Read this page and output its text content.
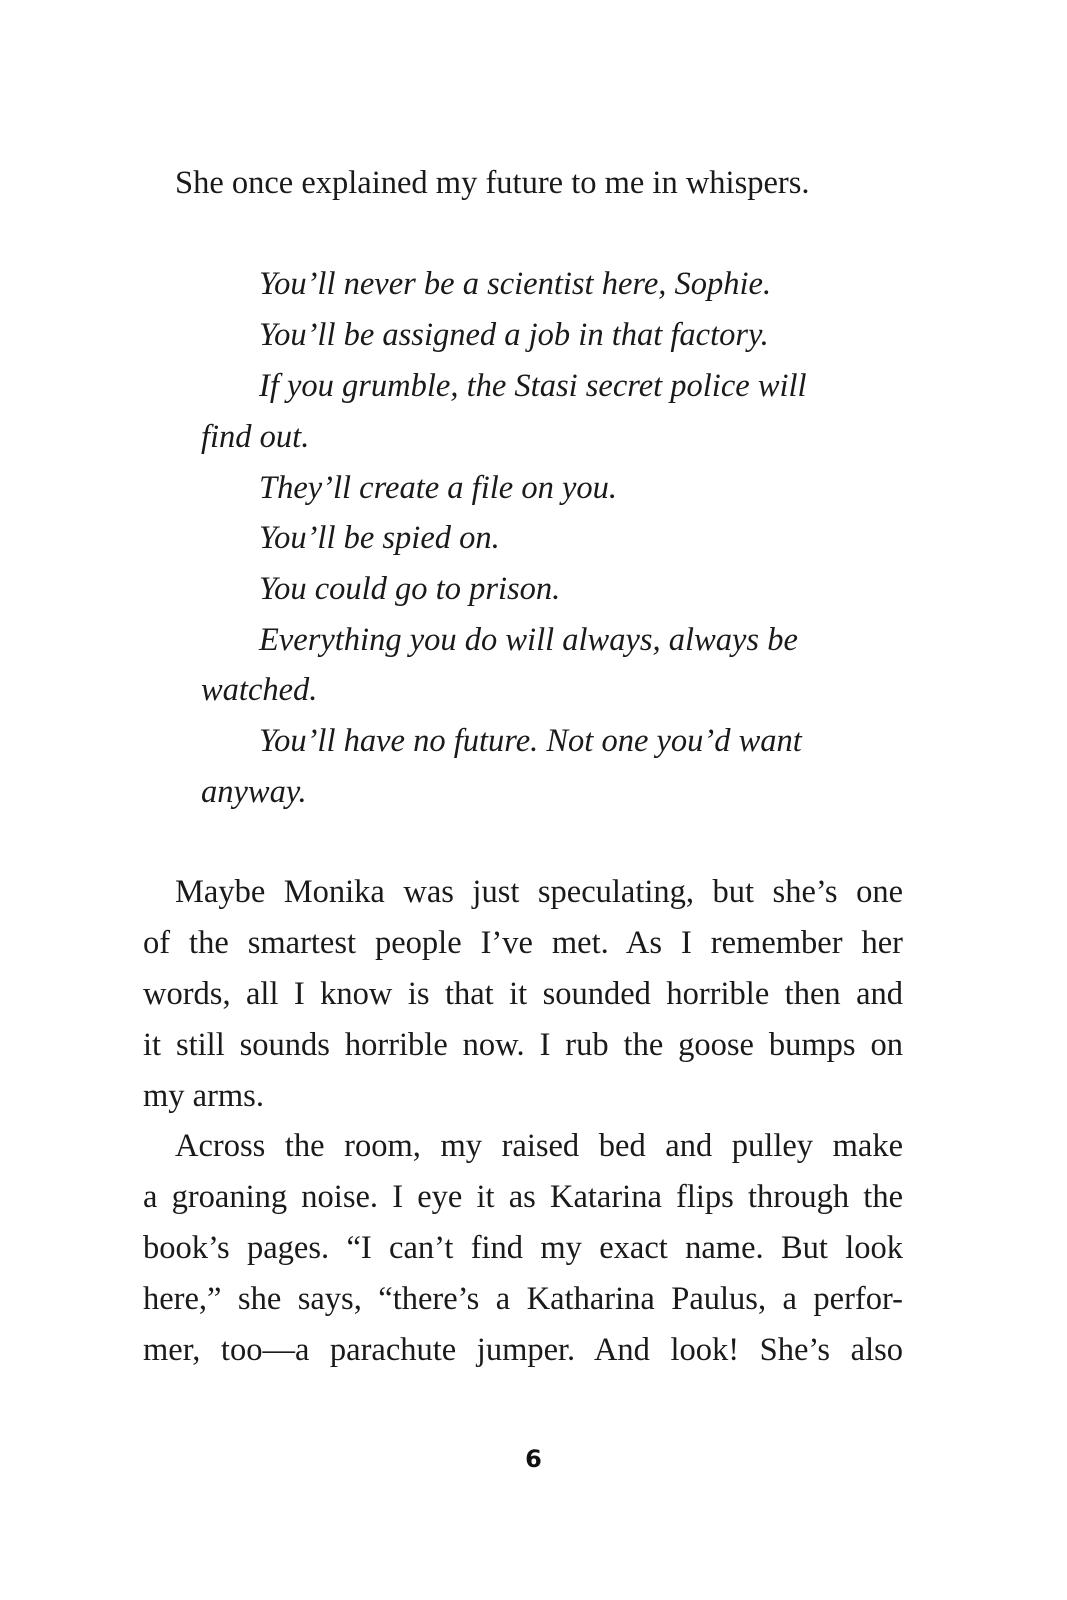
She once explained my future to me in whispers.

You’ll never be a scientist here, Sophie.

You’ll be assigned a job in that factory.

If you grumble, the Stasi secret police will

find out.

They’ll create a file on you.

You’ll be spied on.

You could go to prison.

Everything you do will always, always be

watched.

You’ll have no future. Not one you’d want

anyway.

Maybe Monika was just speculating, but she’s one
of the smartest people I’ve met. As I remember her
words, all I know is that it sounded horrible then and
it still sounds horrible now. I rub the goose bumps on
my arms.
Across the room, my raised bed and pulley make
a groaning noise. I eye it as Katarina flips through the
book’s pages. “I can’t find my exact name. But look
here,” she says, “there’s a Katharina Paulus, a perfor-
mer, too—a parachute jumper. And look! She’s also
6
